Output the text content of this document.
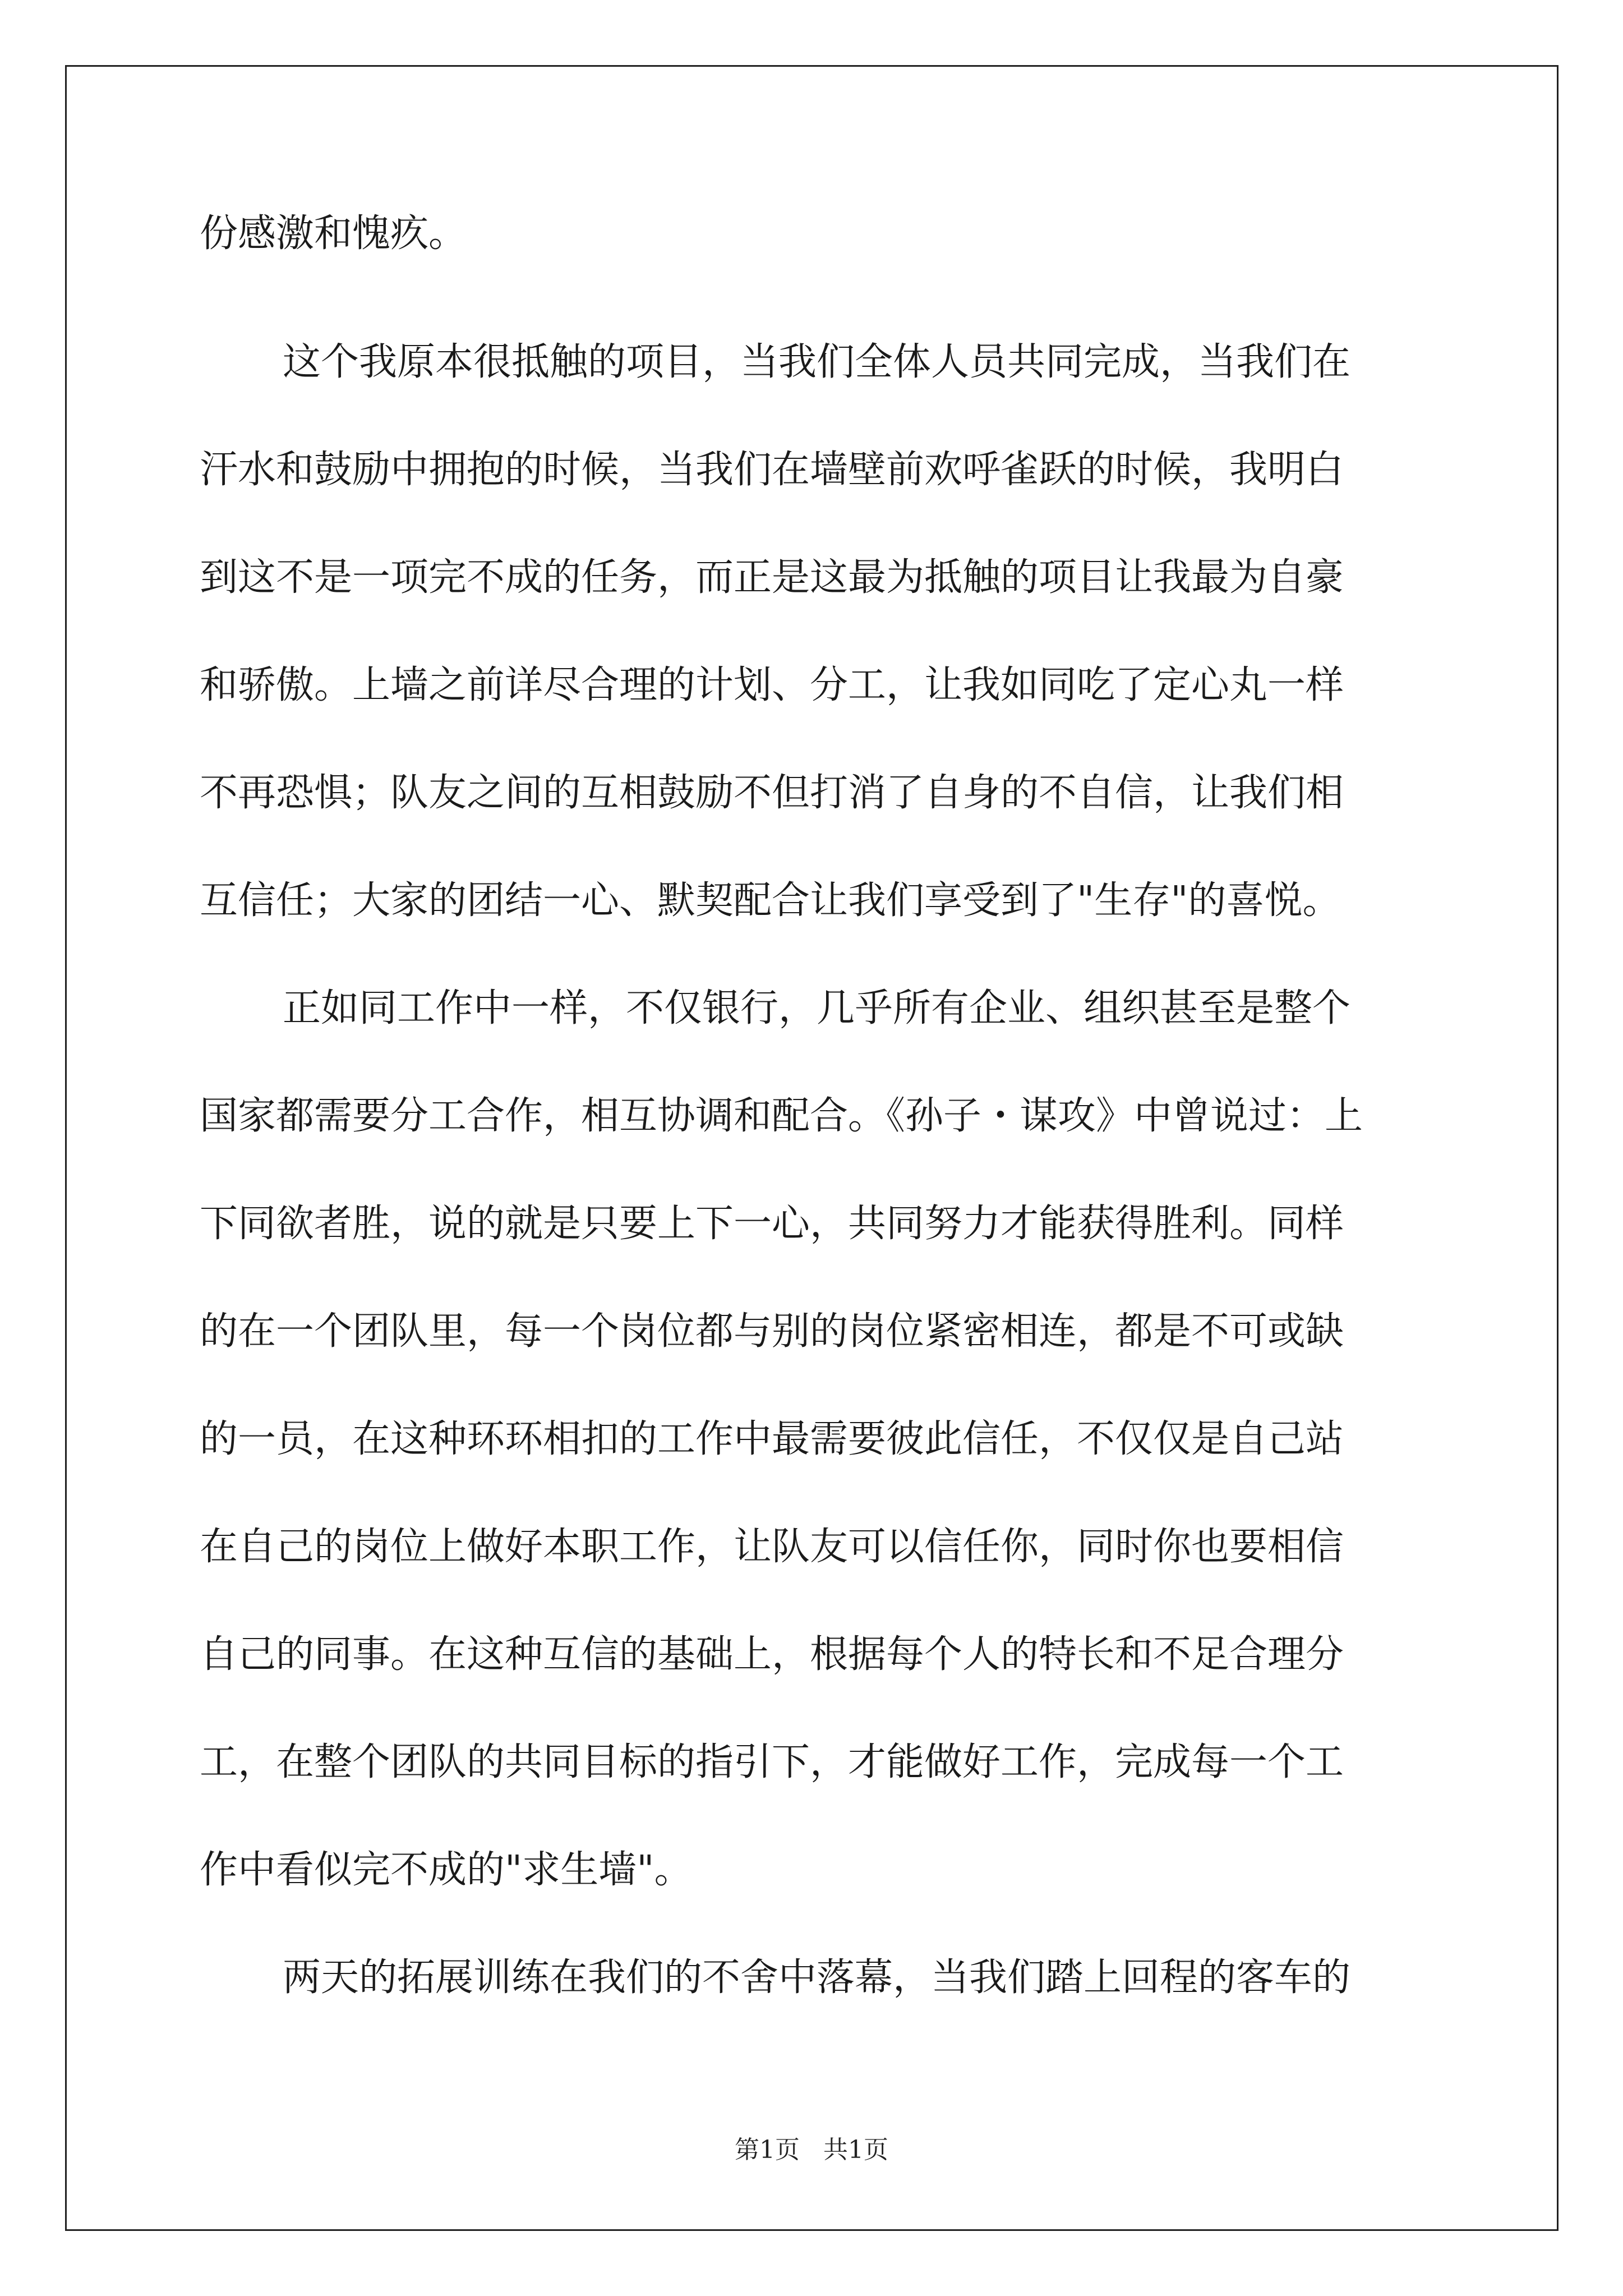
份感激和愧疚。
这个我原本很抵触的项目，当我们全体人员共同完成，当我们在
汗水和鼓励中拥抱的时候，当我们在墙壁前欢呼雀跃的时候，我明白
到这不是一项完不成的任务，而正是这最为抵触的项目让我最为自豪
和骄傲。上墙之前详尽合理的计划、分工，让我如同吃了定心丸一样
不再恐惧；队友之间的互相鼓励不但打消了自身的不自信，让我们相
互信任；大家的团结一心、默契配合让我们享受到了"生存"的喜悦。
正如同工作中一样，不仅银行，几乎所有企业、组织甚至是整个
国家都需要分工合作，相互协调和配合。《孙子・谋攻》中曾说过：上
下同欲者胜，说的就是只要上下一心，共同努力才能获得胜利。同样
的在一个团队里，每一个岗位都与别的岗位紧密相连，都是不可或缺
的一员，在这种环环相扣的工作中最需要彼此信任，不仅仅是自己站
在自己的岗位上做好本职工作，让队友可以信任你，同时你也要相信
自己的同事。在这种互信的基础上，根据每个人的特长和不足合理分
工，在整个团队的共同目标的指引下，才能做好工作，完成每一个工
作中看似完不成的"求生墙"。
两天的拓展训练在我们的不舍中落幕，当我们踏上回程的客车的
第1页 共1页
